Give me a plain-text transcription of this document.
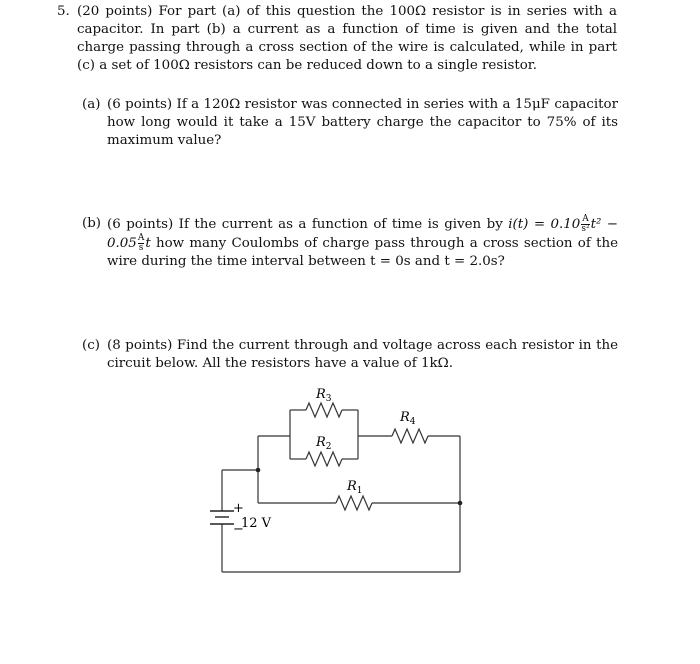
5. (20 points) For part (a) of this question the 100Ω resistor is in series with a capacitor. In part (b) a current as a function of time is given and the total charge passing through a cross section of the wire is calculated, while in part (c) a set of 100Ω resistors can be reduced down to a single resistor.
(a) (6 points) If a 120Ω resistor was connected in series with a 15μF capacitor how long would it take a 15V battery charge the capacitor to 75% of its maximum value?
(b) (6 points) If the current as a function of time is given by $i(t) = 0.10 \frac{A}{\text{s²}} t^2 - 0.05 \frac{A}{s}$ t how many Coulombs of charge pass through a cross section of the wire during the time interval between t = 0s and t = 2.0s?
(c) (8 points) Find the current through and voltage across each resistor in the circuit below. All the resistors have a value of 1kΩ.
$R_3$
$R_2$
$R_4$
$R_1$
+
−
12 V
